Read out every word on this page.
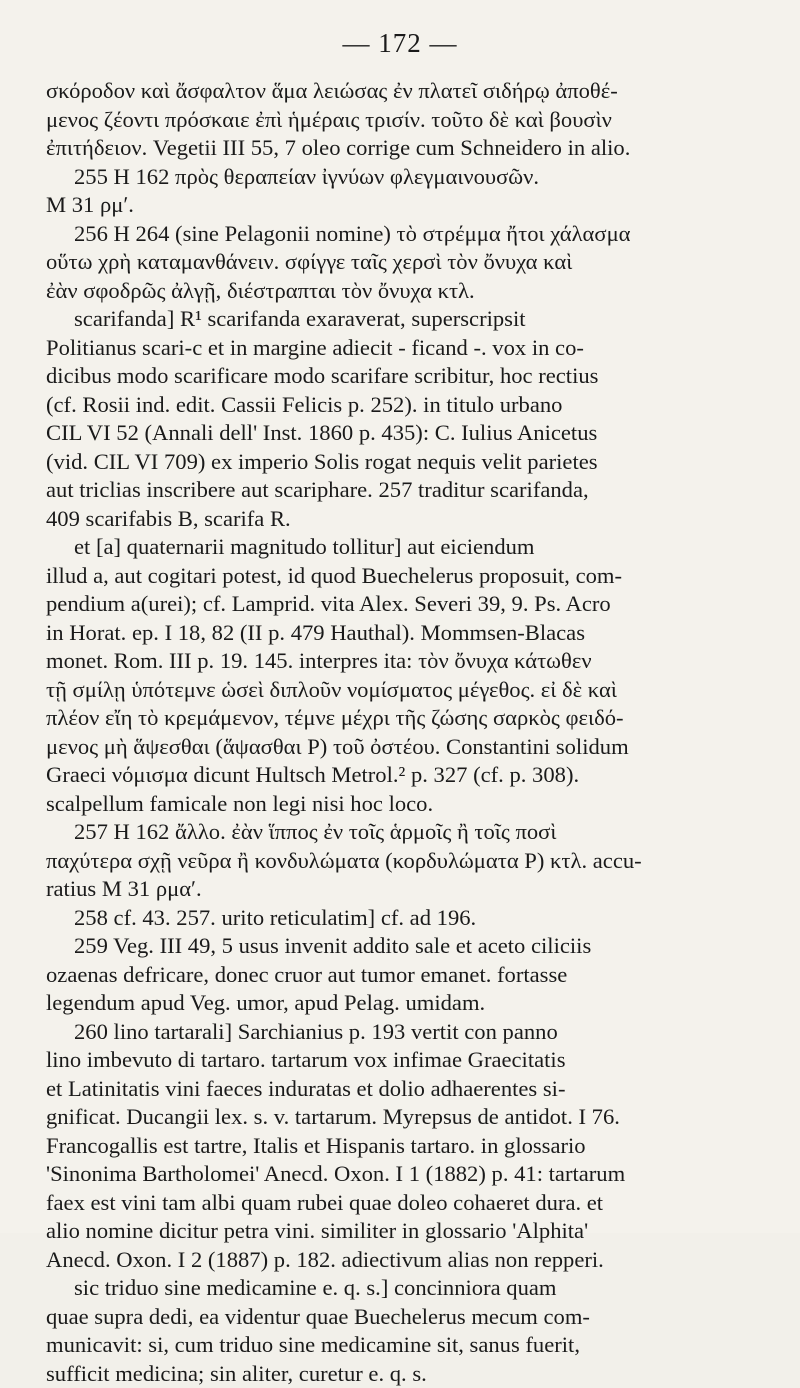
— 172 —
σκόροδον καὶ ἄσφαλτον ἅμα λειώσας ἐν πλατεῖ σιδήρῳ ἀποθέ-
μενος ζέοντι πρόσκαιε ἐπὶ ἡμέραις τρισίν. τοῦτο δὲ καὶ βουσὶν
ἐπιτήδειον. Vegetii III 55, 7 oleo corrige cum Schneidero in alio.
255 H 162 πρὸς θεραπείαν ἰγνύων φλεγμαινουσῶν.
M 31 ρμʹ.
256 H 264 (sine Pelagonii nomine) τὸ στρέμμα ἤτοι χάλασμα
οὕτω χρὴ καταμανθάνειν. σφίγγε ταῖς χερσὶ τὸν ὄνυχα καὶ
ἐὰν σφοδρῶς ἀλγῇ, διέστραπται τὸν ὄνυχα κτλ.
scarifanda] R¹ scarifanda exaraverat, superscripsit
Politianus scari-c et in margine adiecit - ficand -. vox in co-
dicibus modo scarificare modo scarifare scribitur, hoc rectius
(cf. Rosii ind. edit. Cassii Felicis p. 252). in titulo urbano
CIL VI 52 (Annali dell' Inst. 1860 p. 435): C. Iulius Anicetus
(vid. CIL VI 709) ex imperio Solis rogat nequis velit parietes
aut triclias inscribere aut scariphare. 257 traditur scarifanda,
409 scarifabis B, scarifa R.
et [a] quaternarii magnitudo tollitur] aut eiciendum
illud a, aut cogitari potest, id quod Buechelerus proposuit, com-
pendium a(urei); cf. Lamprid. vita Alex. Severi 39, 9. Ps. Acro
in Horat. ep. I 18, 82 (II p. 479 Hauthal). Mommsen-Blacas
monet. Rom. III p. 19. 145. interpres ita: τὸν ὄνυχα κάτωθεν
τῇ σμίλῃ ὑπότεμνε ὡσεὶ διπλοῦν νομίσματος μέγεθος. εἰ δὲ καὶ
πλέον εἴη τὸ κρεμάμενον, τέμνε μέχρι τῆς ζώσης σαρκὸς φειδό-
μενος μὴ ἅψεσθαι (ἅψασθαι P) τοῦ ὀστέου. Constantini solidum
Graeci νόμισμα dicunt Hultsch Metrol.² p. 327 (cf. p. 308).
scalpellum famicale non legi nisi hoc loco.
257 H 162 ἄλλο. ἐὰν ἵππος ἐν τοῖς ἁρμοῖς ἢ τοῖς ποσὶ
παχύτερα σχῇ νεῦρα ἢ κονδυλώματα (κορδυλώματα P) κτλ. accu-
ratius M 31 ρμαʹ.
258 cf. 43. 257. urito reticulatim] cf. ad 196.
259 Veg. III 49, 5 usus invenit addito sale et aceto ciliciis
ozaenas defricare, donec cruor aut tumor emanet. fortasse
legendum apud Veg. umor, apud Pelag. umidam.
260 lino tartarali] Sarchianius p. 193 vertit con panno
lino imbevuto di tartaro. tartarum vox infimae Graecitatis
et Latinitatis vini faeces induratas et dolio adhaerentes si-
gnificat. Ducangii lex. s. v. tartarum. Myrepsus de antidot. I 76.
Francogallis est tartre, Italis et Hispanis tartaro. in glossario
'Sinonima Bartholomei' Anecd. Oxon. I 1 (1882) p. 41: tartarum
faex est vini tam albi quam rubei quae doleo cohaeret dura. et
alio nomine dicitur petra vini. similiter in glossario 'Alphita'
Anecd. Oxon. I 2 (1887) p. 182. adiectivum alias non repperi.
sic triduo sine medicamine e. q. s.] concinniora quam
quae supra dedi, ea videntur quae Buechelerus mecum com-
municavit: si, cum triduo sine medicamine sit, sanus fuerit,
sufficit medicina; sin aliter, curetur e. q. s.
